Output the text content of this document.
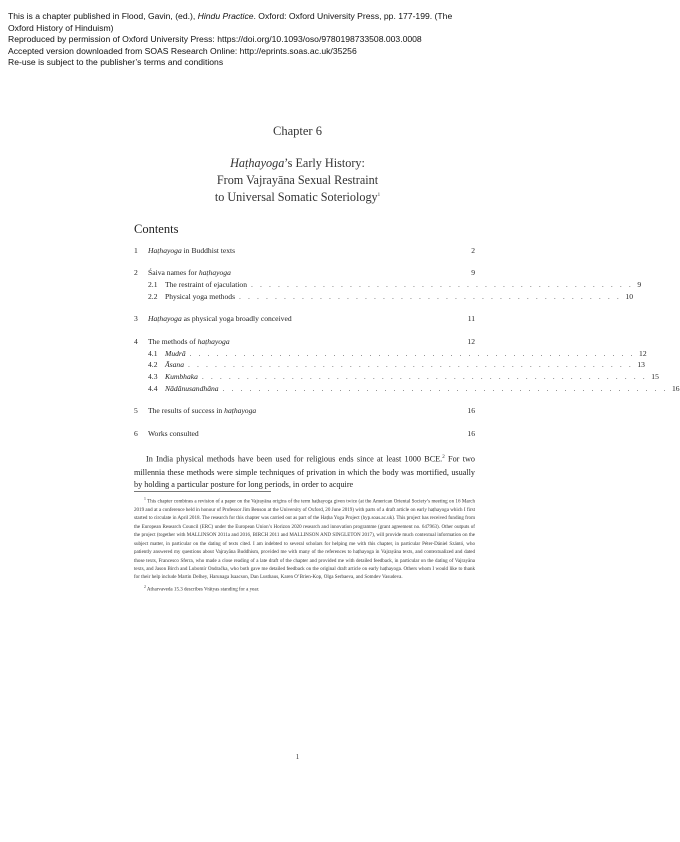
This is a chapter published in Flood, Gavin, (ed.), Hindu Practice. Oxford: Oxford University Press, pp. 177-199. (The
Oxford History of Hinduism)
Reproduced by permission of Oxford University Press: https://doi.org/10.1093/oso/9780198733508.003.0008
Accepted version downloaded from SOAS Research Online: http://eprints.soas.ac.uk/35256
Re-use is subject to the publisher’s terms and conditions
Chapter 6
Haṭhayoga’s Early History:
From Vajrayāna Sexual Restraint
to Universal Somatic Soteriology$^1$
Contents
1	Haṭhayoga in Buddhist texts	2
2	Śaiva names for haṭhayoga	9
2.1 The restraint of ejaculation . . . . . . . . . . . . . . . . . . . . . . . . . . . . . . . . . . . . . . . . . . . 9
2.2 Physical yoga methods . . . . . . . . . . . . . . . . . . . . . . . . . . . . . . . . . . . . . . . . . . . 10
3	Haṭhayoga as physical yoga broadly conceived	11
4	The methods of haṭhayoga	12
4.1 Mudrā . . . . . . . . . . . . . . . . . . . . . . . . . . . . . . . . . . . . . . . . . . . . . . . . . . 12
4.2 Āsana . . . . . . . . . . . . . . . . . . . . . . . . . . . . . . . . . . . . . . . . . . . . . . . . . . 13
4.3 Kumbhaka . . . . . . . . . . . . . . . . . . . . . . . . . . . . . . . . . . . . . . . . . . . . . . . . . . 15
4.4 Nādānusandhāna . . . . . . . . . . . . . . . . . . . . . . . . . . . . . . . . . . . . . . . . . . . . . . . . . . 16
5	The results of success in haṭhayoga	16
6	Works consulted	16

In India physical methods have been used for religious ends since at least 1000 BCE.$^2$ For two millennia these methods were simple techniques of privation in which the body was mortified, usually by holding a particular posture for long periods, in order to acquire

$^1$ This chapter combines a revision of a paper on the Vajrayāna origins of the term haṭhayoga given twice (at the American Oriental Society’s meeting on 16 March 2019 and at a conference held in honour of Professor Jim Benson at the University of Oxford, 20 June 2019) with parts of a draft article on early haṭhayoga which I first started to circulate in April 2018. The research for this chapter was carried out as part of the Haṭha Yoga Project (hyp.soas.ac.uk). This project has received funding from the European Research Council (ERC) under the European Union’s Horizon 2020 research and innovation programme (grant agreement no. 647963). Other outputs of the project (together with MALLINSON 2011a and 2016, BIRCH 2011 and MALLINSON AND SINGLETON 2017), will provide much contextual information on the subject matter, in particular on the dating of texts cited. I am indebted to several scholars for helping me with this chapter, in particular Péter-Dániel Szántó, who patiently answered my questions about Vajrayāna Buddhism, provided me with many of the references to haṭhayoga in Vajrayāna texts, and contextualized and dated those texts, Francesco Sferra, who made a close reading of a late draft of the chapter and provided me with detailed feedback, in particular on the dating of Vajrayāna texts, and Jason Birch and Lubomír Ondračka, who both gave me detailed feedback on the original draft article on early haṭhayoga. Others whom I would like to thank for their help include Martin Delhey, Harunaga Isaacson, Dan Lusthaus, Karen O’Brien-Kop, Olga Serbaeva, and Somdev Vasudeva.

$^2$ Atharvaveda 15.3 describes Vrātyas standing for a year.

1
